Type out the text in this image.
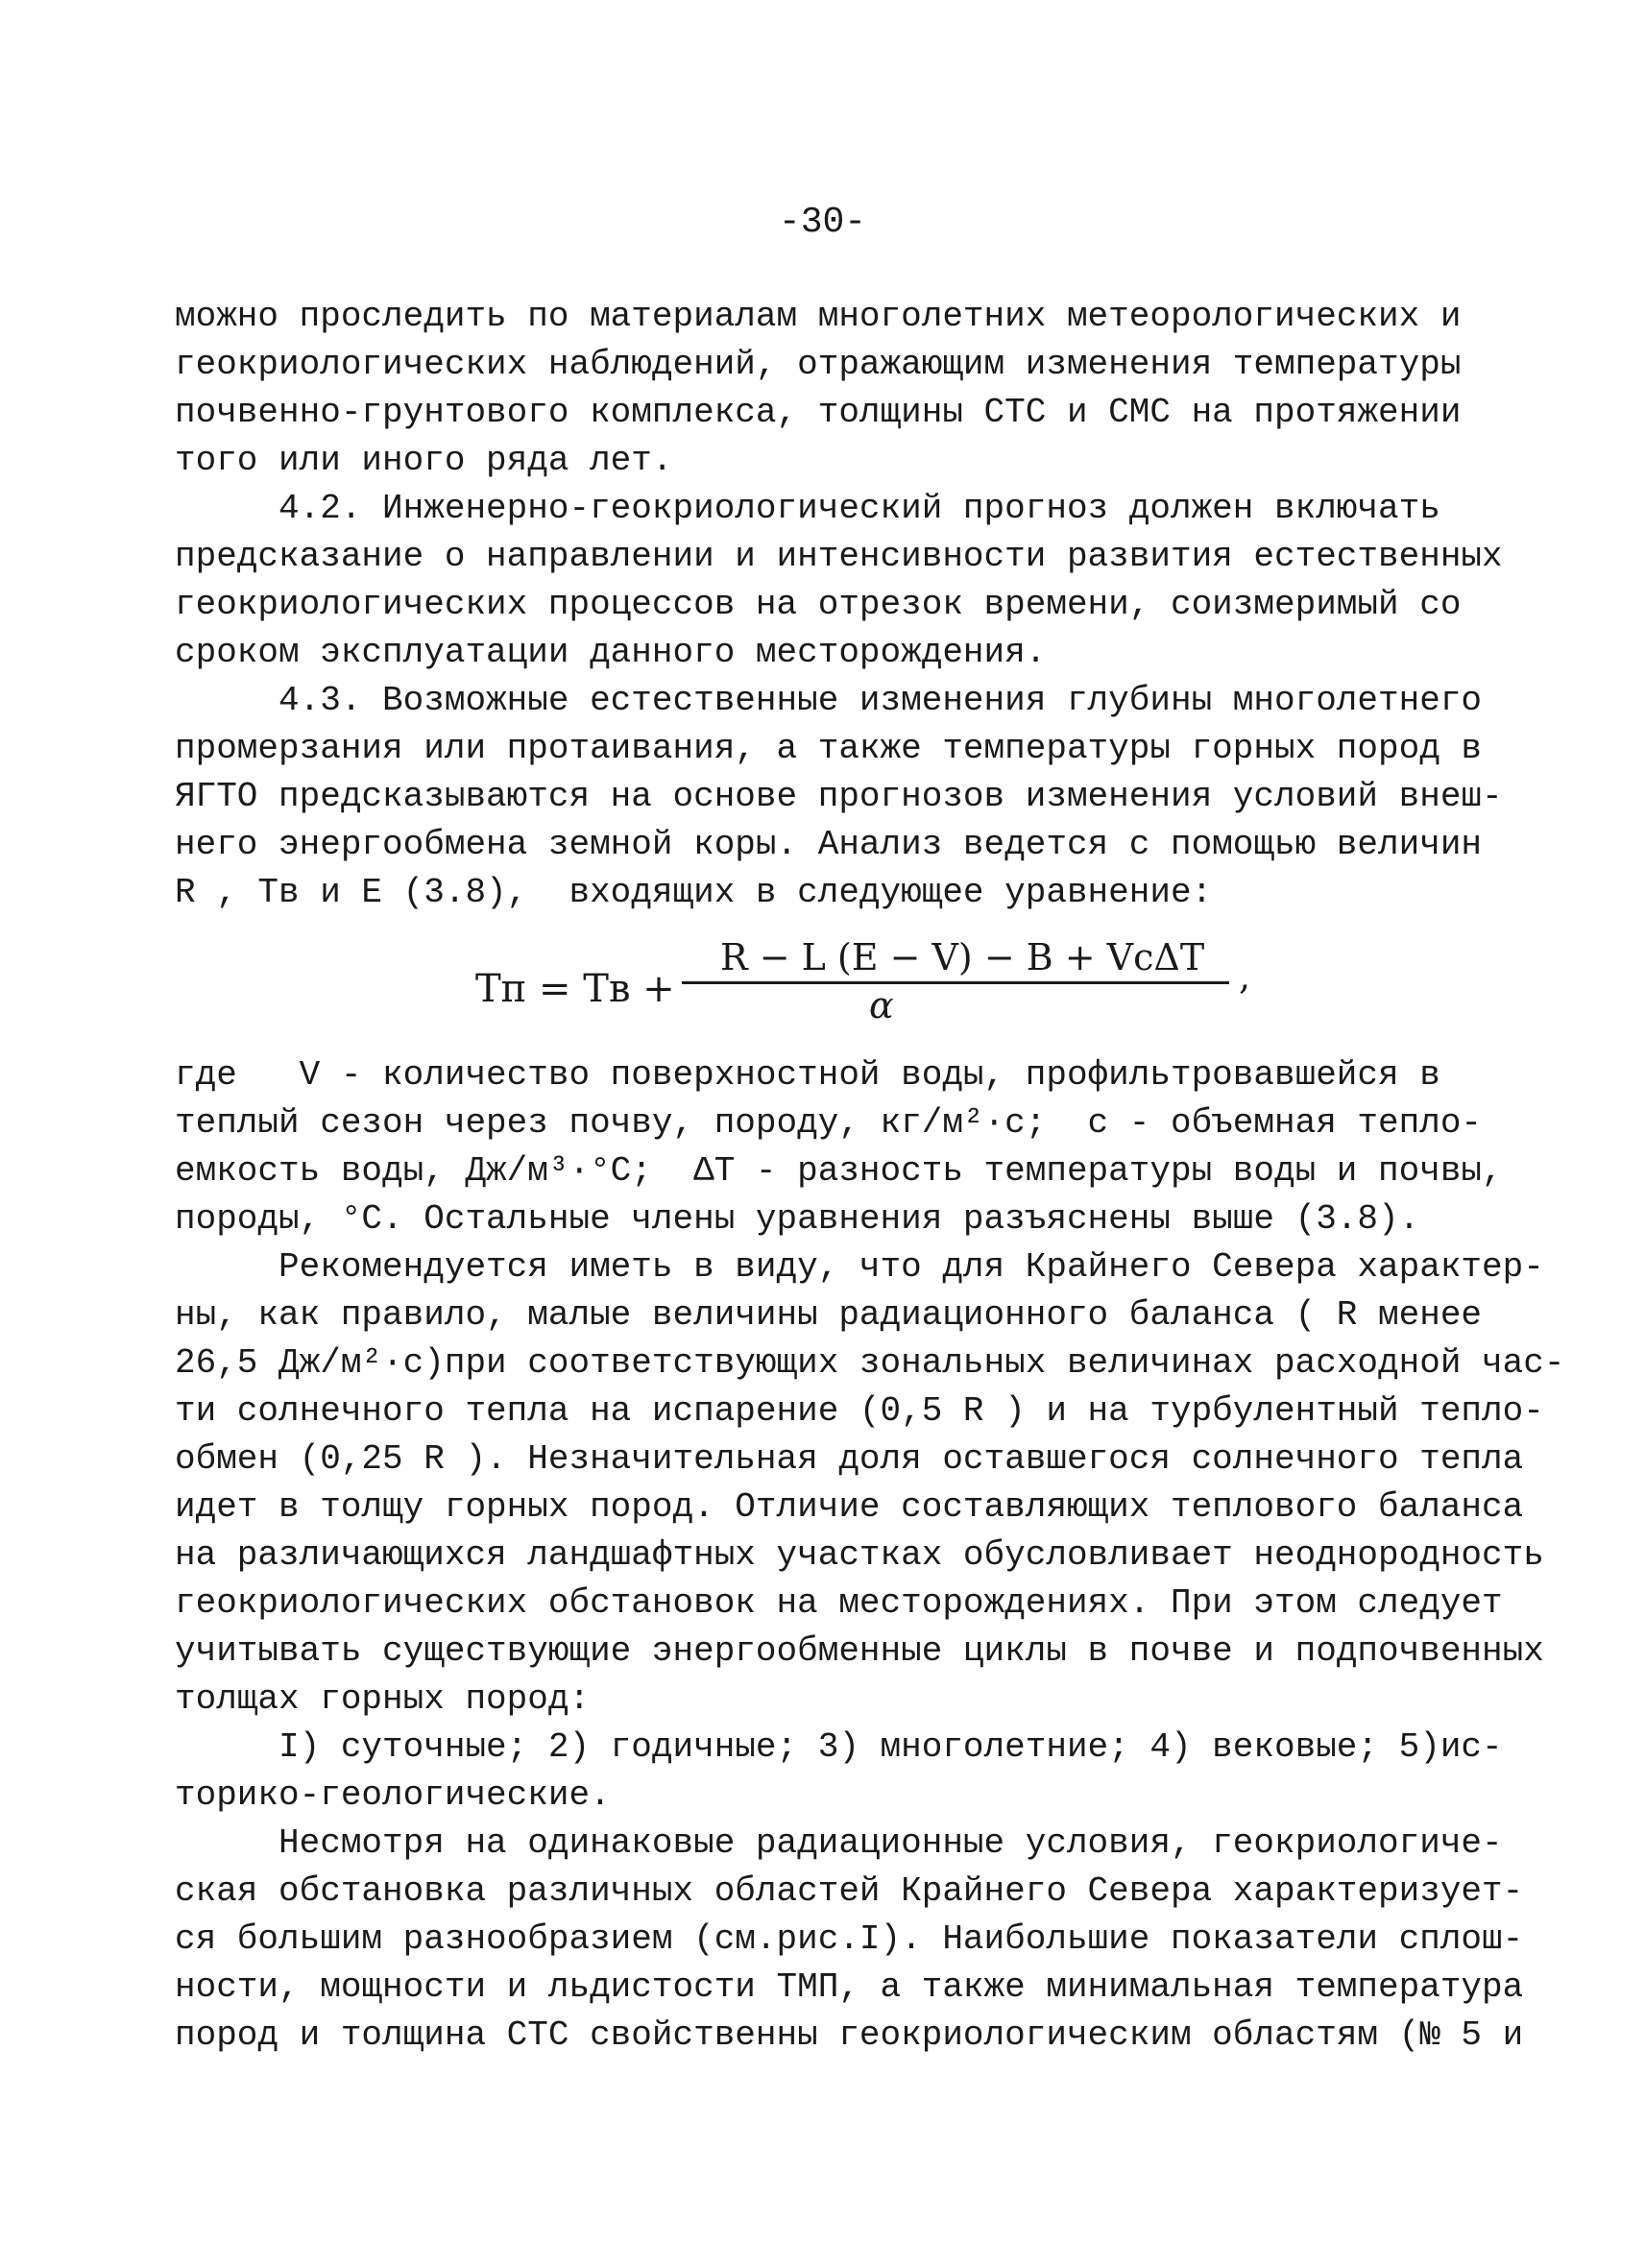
-30-
можно проследить по материалам многолетних метеорологических и
геокриологических наблюдений, отражающим изменения температуры
почвенно-грунтового комплекса, толщины СТС и СМС на протяжении
того или иного ряда лет.
4.2. Инженерно-геокриологический прогноз должен включать
предсказание о направлении и интенсивности развития естественных
геокриологических процессов на отрезок времени, соизмеримый со
сроком эксплуатации данного месторождения.
4.3. Возможные естественные изменения глубины многолетнего
промерзания или протаивания, а также температуры горных пород в
ЯГТО предсказываются на основе прогнозов изменения условий внеш-
него энергообмена земной коры. Анализ ведется с помощью величин
R , Тв и Е (3.8),  входящих в следующее уравнение:
Тп = Тв +
R − L (E − V) − B + VcΔT
α
,
где   V - количество поверхностной воды, профильтровавшейся в
теплый сезон через почву, породу, кг/м²·с;  c - объемная тепло-
емкость воды, Дж/м³·°С;  ΔТ - разность температуры воды и почвы,
породы, °С. Остальные члены уравнения разъяснены выше (3.8).
Рекомендуется иметь в виду, что для Крайнего Севера характер-
ны, как правило, малые величины радиационного баланса ( R менее
26,5 Дж/м²·с)при соответствующих зональных величинах расходной час-
ти солнечного тепла на испарение (0,5 R ) и на турбулентный тепло-
обмен (0,25 R ). Незначительная доля оставшегося солнечного тепла
идет в толщу горных пород. Отличие составляющих теплового баланса
на различающихся ландшафтных участках обусловливает неоднородность
геокриологических обстановок на месторождениях. При этом следует
учитывать существующие энергообменные циклы в почве и подпочвенных
толщах горных пород:
I) суточные; 2) годичные; 3) многолетние; 4) вековые; 5)ис-
торико-геологические.
Несмотря на одинаковые радиационные условия, геокриологиче-
ская обстановка различных областей Крайнего Севера характеризует-
ся большим разнообразием (см.рис.I). Наибольшие показатели сплош-
ности, мощности и льдистости ТМП, а также минимальная температура
пород и толщина СТС свойственны геокриологическим областям (№ 5 и
